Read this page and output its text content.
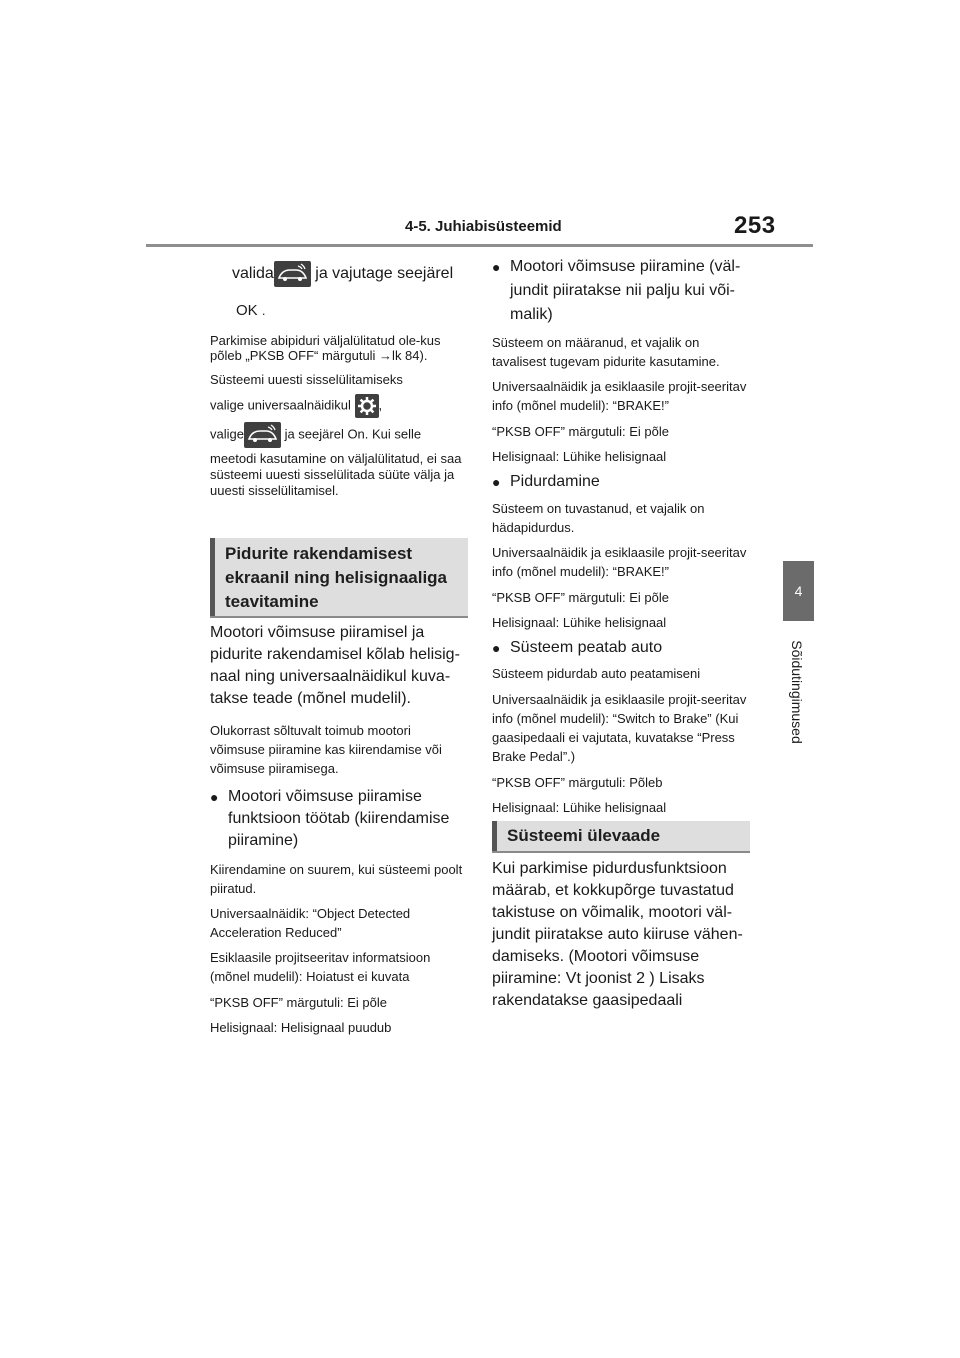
4-5. Juhiabisüsteemid	253
4
Sõidutingimused
valida
ja vajutage seejärel
OK .

Parkimise abipiduri väljalülitatud ole-kus põleb „PKSB OFF“ märgutuli →lk 84).

Süsteemi uuesti sisselülitamiseks

valige universaalnäidikul ,

valige	ja seejärel On. Kui selle

meetodi kasutamine on väljalülitatud, ei saa süsteemi uuesti sisselülitada süüte välja ja uuesti sisselülitamisel.

Pidurite rakendamisest ekraanil ning helisignaaliga teavitamine

Mootori võimsuse piiramisel ja pidurite rakendamisel kõlab helisig-naal ning universaalnäidikul kuva-takse teade (mõnel mudelil).

Olukorrast sõltuvalt toimub mootori võimsuse piiramine kas kiirendamise või võimsuse piiramisega.

● Mootori võimsuse piiramise funktsioon töötab (kiirendamise piiramine)

Kiirendamine on suurem, kui süsteemi poolt piiratud.

Universaalnäidik: “Object Detected Acceleration Reduced”

Esiklaasile projitseeritav informatsioon (mõnel mudelil): Hoiatust ei kuvata

“PKSB OFF” märgutuli: Ei põle

Helisignaal: Helisignaal puudub

● Mootori võimsuse piiramine (väl-jundit piiratakse nii palju kui või-malik)

Süsteem on määranud, et vajalik on tavalisest tugevam pidurite kasutamine.

Universaalnäidik ja esiklaasile projit-seeritav info (mõnel mudelil): “BRAKE!”

“PKSB OFF” märgutuli: Ei põle

Helisignaal: Lühike helisignaal

● Pidurdamine

Süsteem on tuvastanud, et vajalik on hädapidurdus.

Universaalnäidik ja esiklaasile projit-seeritav info (mõnel mudelil): “BRAKE!”

“PKSB OFF” märgutuli: Ei põle

Helisignaal: Lühike helisignaal

● Süsteem peatab auto

Süsteem pidurdab auto peatamiseni

Universaalnäidik ja esiklaasile projit-seeritav info (mõnel mudelil): “Switch to Brake” (Kui gaasipedaali ei vajutata, kuvatakse “Press Brake Pedal”.)

“PKSB OFF” märgutuli: Põleb

Helisignaal: Lühike helisignaal

Süsteemi ülevaade
Kui parkimise pidurdusfunktsioon määrab, et kokkupõrge tuvastatud takistuse on võimalik, mootori väl-jundit piiratakse auto kiiruse vähen-damiseks. (Mootori võimsuse piiramine: Vt joonist 2 ) Lisaks rakendatakse gaasipedaali
